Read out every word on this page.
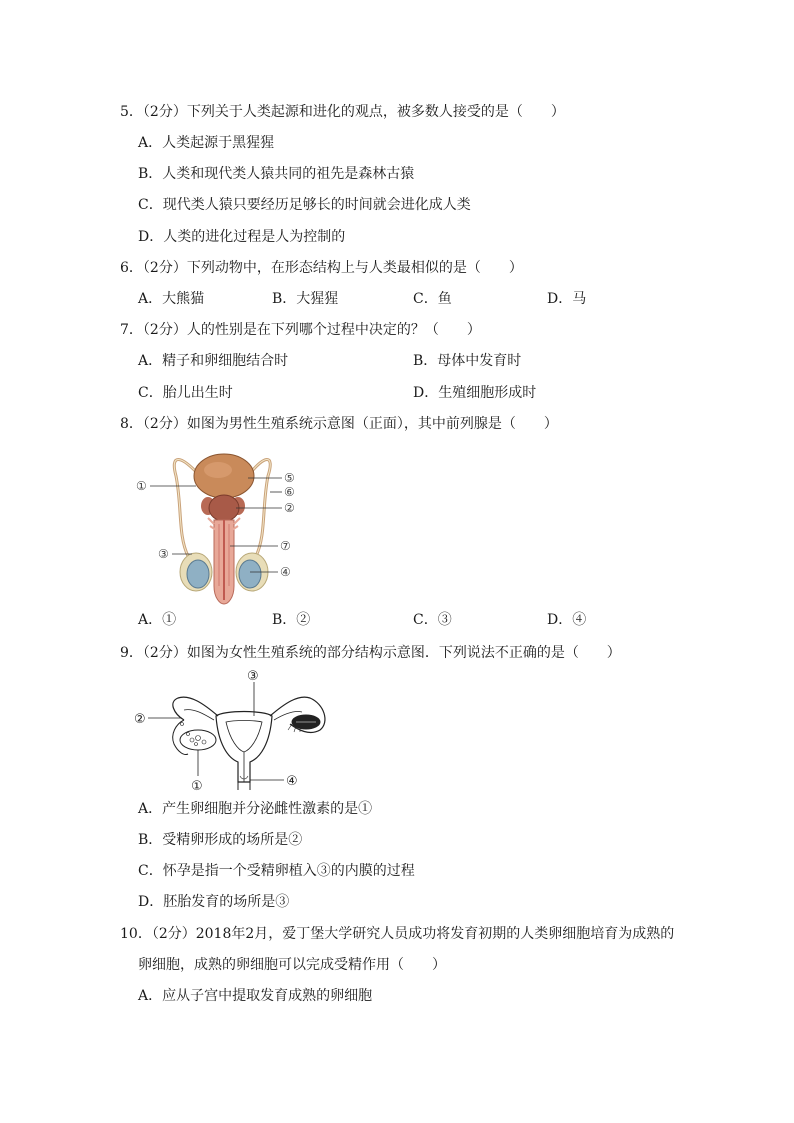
5．（2分）下列关于人类起源和进化的观点，被多数人接受的是（　　）
A．人类起源于黑猩猩
B．人类和现代类人猿共同的祖先是森林古猿
C．现代类人猿只要经历足够长的时间就会进化成人类
D．人类的进化过程是人为控制的
6．（2分）下列动物中，在形态结构上与人类最相似的是（　　）
A．大熊猫	B．大猩猩	C．鱼	D．马
7．（2分）人的性别是在下列哪个过程中决定的？（　　）
A．精子和卵细胞结合时	B．母体中发育时
C．胎儿出生时	D．生殖细胞形成时
8．（2分）如图为男性生殖系统示意图（正面），其中前列腺是（　　）
①
⑤
⑥
②
⑦
③
④
A．①	B．②	C．③	D．④
9．（2分）如图为女性生殖系统的部分结构示意图．下列说法不正确的是（　　）
③
②
①	④
A．产生卵细胞并分泌雌性激素的是①
B．受精卵形成的场所是②
C．怀孕是指一个受精卵植入③的内膜的过程
D．胚胎发育的场所是③
10．（2分）2018年2月，爱丁堡大学研究人员成功将发育初期的人类卵细胞培育为成熟的
卵细胞，成熟的卵细胞可以完成受精作用（　　）
A．应从子宫中提取发育成熟的卵细胞
